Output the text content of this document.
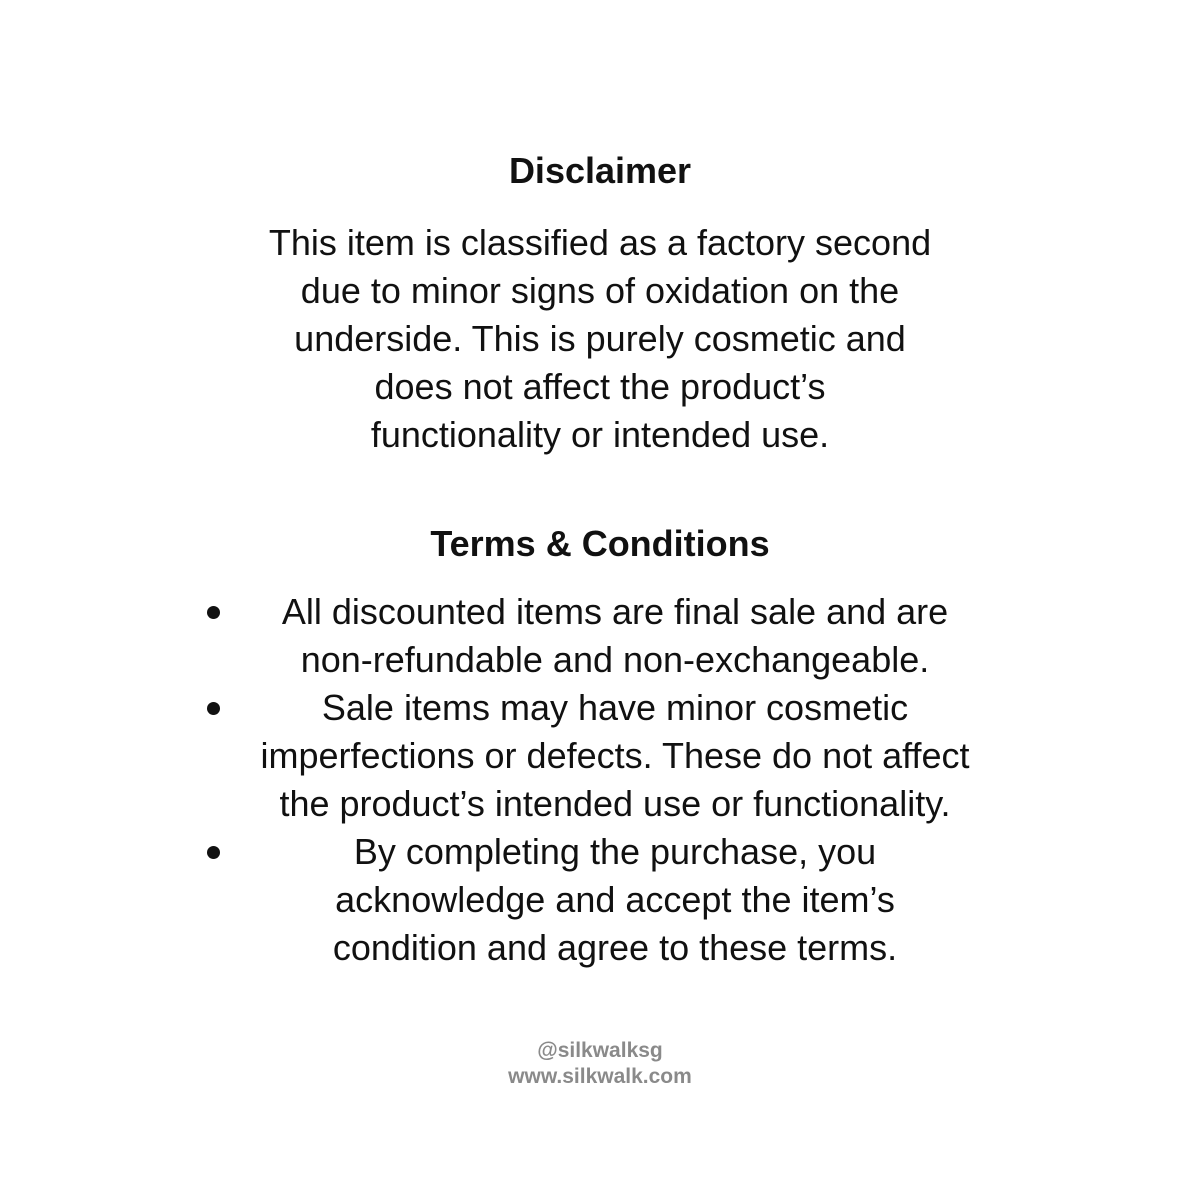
Disclaimer
This item is classified as a factory second
due to minor signs of oxidation on the
underside. This is purely cosmetic and
does not affect the product’s
functionality or intended use.
Terms & Conditions
All discounted items are final sale and are
non-refundable and non-exchangeable.
Sale items may have minor cosmetic
imperfections or defects. These do not affect
the product’s intended use or functionality.
By completing the purchase, you
acknowledge and accept the item’s
condition and agree to these terms.
@silkwalksg
www.silkwalk.com
